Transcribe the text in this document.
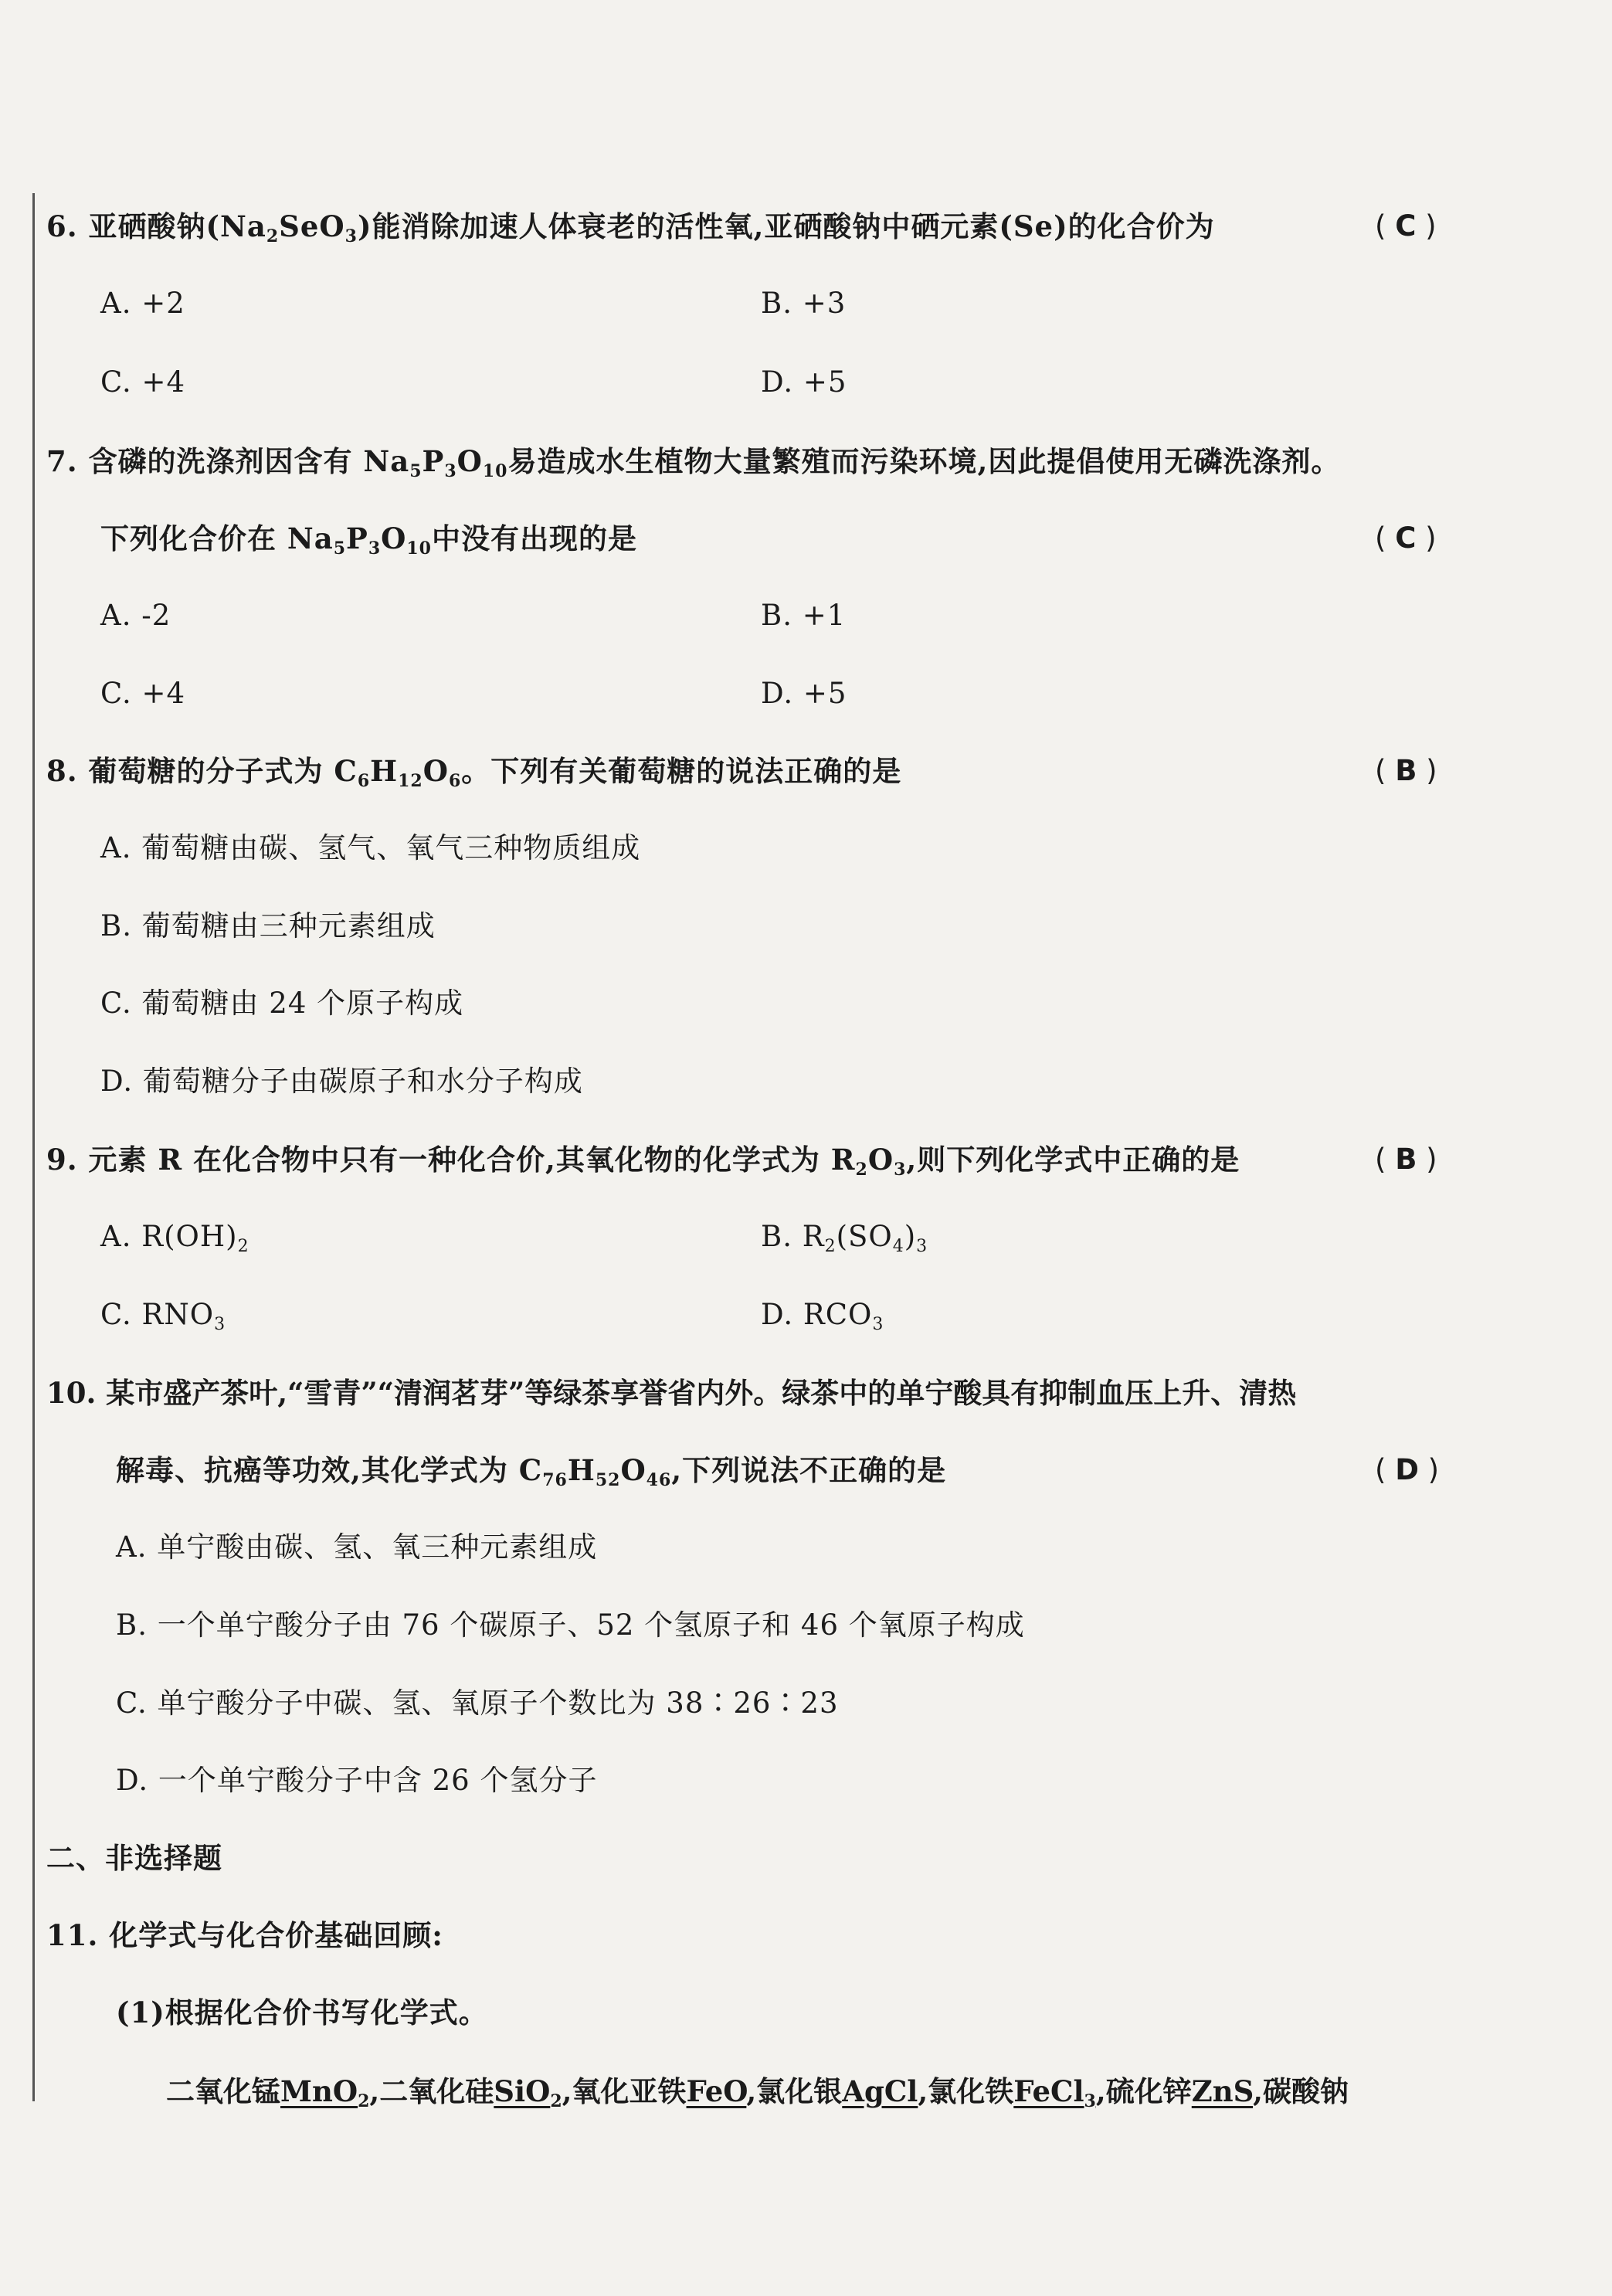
6. 亚硒酸钠$(Na_2SeO_3)$能消除加速人体衰老的活性氧,亚硒酸钠中硒元素(Se)的化合价为	( C )
A. +2	B. +3
C. +4	D. +5
7. 含磷的洗涤剂因含有 $Na_5P_3O_{10}$易造成水生植物大量繁殖而污染环境,因此提倡使用无磷洗涤剂。
下列化合价在 $Na_5P_3O_{10}$中没有出现的是	( C )
A. -2	B. +1
C. +4	D. +5
8. 葡萄糖的分子式为 $C_6H_{12}O_6$。下列有关葡萄糖的说法正确的是	( B )
A. 葡萄糖由碳、氢气、氧气三种物质组成
B. 葡萄糖由三种元素组成
C. 葡萄糖由 24 个原子构成
D. 葡萄糖分子由碳原子和水分子构成
9. 元素 R 在化合物中只有一种化合价,其氧化物的化学式为 $R_2O_3$,则下列化学式中正确的是	( B )
A. $R(OH)_2$	B. $R_2(SO_4)_3$
C. $RNO_3$	D. $RCO_3$
10. 某市盛产茶叶,“雪青”“清润茗芽”等绿茶享誉省内外。绿茶中的单宁酸具有抑制血压上升、清热
解毒、抗癌等功效,其化学式为 $C_{76}H_{52}O_{46}$,下列说法不正确的是	( D )
A. 单宁酸由碳、氢、氧三种元素组成
B. 一个单宁酸分子由 76 个碳原子、52 个氢原子和 46 个氧原子构成
C. 单宁酸分子中碳、氢、氧原子个数比为 38∶26∶23
D. 一个单宁酸分子中含 26 个氢分子
二、非选择题
11. 化学式与化合价基础回顾:
(1)根据化合价书写化学式。
二氧化锰MnO$_2$,二氧化硅SiO$_2$,氧化亚铁FeO,氯化银AgCl,氯化铁FeCl$_3$,硫化锌ZnS,碳酸钠
